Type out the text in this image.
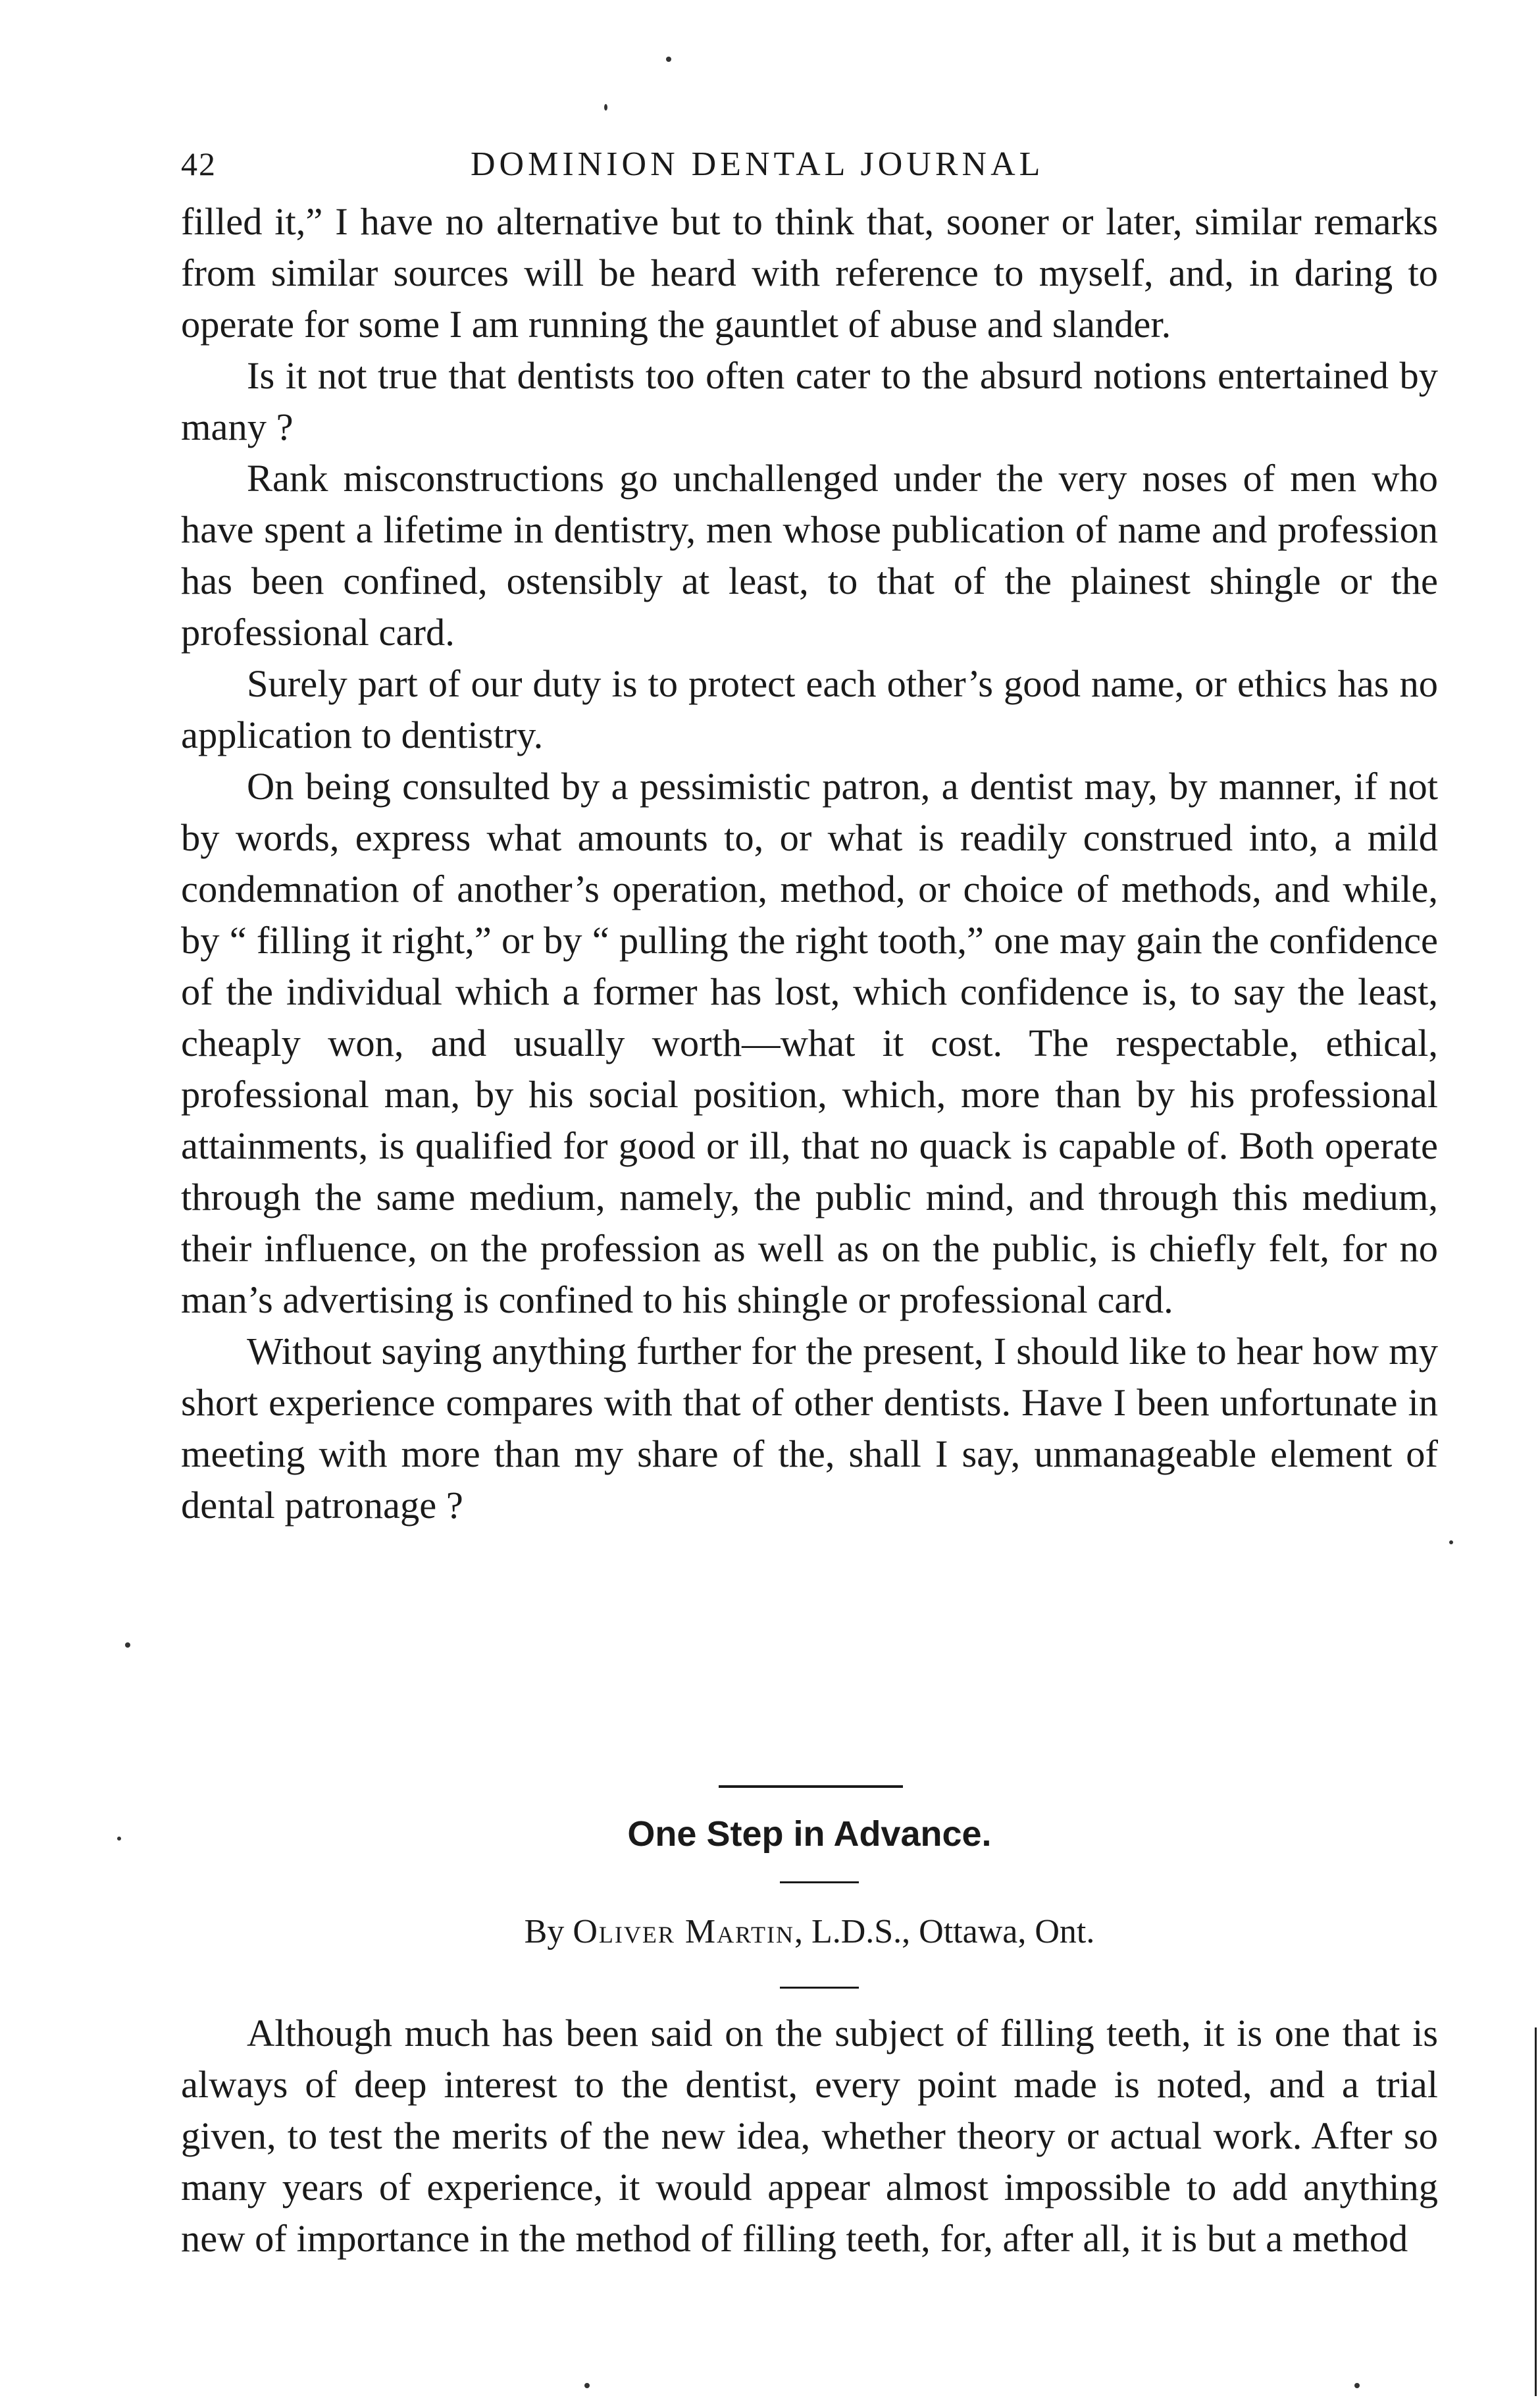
42	DOMINION DENTAL JOURNAL

filled it,” I have no alternative but to think that, sooner or later, similar remarks from similar sources will be heard with reference to myself, and, in daring to operate for some I am running the gauntlet of abuse and slander.

Is it not true that dentists too often cater to the absurd notions entertained by many ?

Rank misconstructions go unchallenged under the very noses of men who have spent a lifetime in dentistry, men whose publication of name and profession has been confined, ostensibly at least, to that of the plainest shingle or the professional card.

Surely part of our duty is to protect each other’s good name, or ethics has no application to dentistry.

On being consulted by a pessimistic patron, a dentist may, by manner, if not by words, express what amounts to, or what is readily construed into, a mild condemnation of another’s operation, method, or choice of methods, and while, by “ filling it right,” or by “ pulling the right tooth,” one may gain the confidence of the individual which a former has lost, which confidence is, to say the least, cheaply won, and usually worth—what it cost. The respectable, ethical, professional man, by his social position, which, more than by his professional attainments, is qualified for good or ill, that no quack is capable of. Both operate through the same medium, namely, the public mind, and through this medium, their influence, on the profession as well as on the public, is chiefly felt, for no man’s advertising is confined to his shingle or professional card.

Without saying anything further for the present, I should like to hear how my short experience compares with that of other dentists. Have I been unfortunate in meeting with more than my share of the, shall I say, unmanageable element of dental patronage ?

One Step in Advance.
By Oliver Martin, L.D.S., Ottawa, Ont.

Although much has been said on the subject of filling teeth, it is one that is always of deep interest to the dentist, every point made is noted, and a trial given, to test the merits of the new idea, whether theory or actual work. After so many years of experience, it would appear almost impossible to add anything new of importance in the method of filling teeth, for, after all, it is but a method
